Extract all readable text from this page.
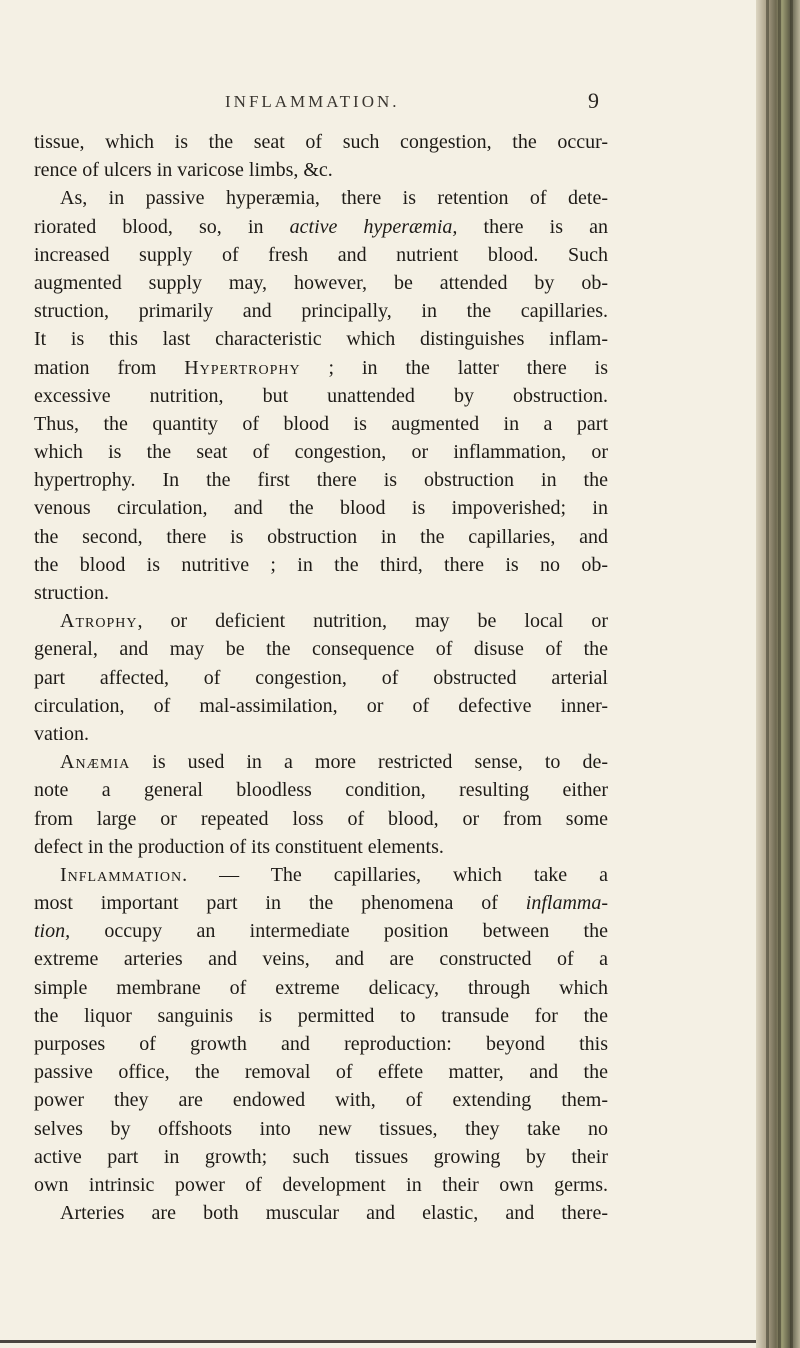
INFLAMMATION.	9
tissue, which is the seat of such congestion, the occur-
rence of ulcers in varicose limbs, &c.
As, in passive hyperæmia, there is retention of dete-
riorated blood, so, in active hyperæmia, there is an
increased supply of fresh and nutrient blood. Such
augmented supply may, however, be attended by ob-
struction, primarily and principally, in the capillaries.
It is this last characteristic which distinguishes inflam-
mation from Hypertrophy ; in the latter there is
excessive nutrition, but unattended by obstruction.
Thus, the quantity of blood is augmented in a part
which is the seat of congestion, or inflammation, or
hypertrophy. In the first there is obstruction in the
venous circulation, and the blood is impoverished; in
the second, there is obstruction in the capillaries, and
the blood is nutritive ; in the third, there is no ob-
struction.
Atrophy, or deficient nutrition, may be local or
general, and may be the consequence of disuse of the
part affected, of congestion, of obstructed arterial
circulation, of mal-assimilation, or of defective inner-
vation.
Anæmia is used in a more restricted sense, to de-
note a general bloodless condition, resulting either
from large or repeated loss of blood, or from some
defect in the production of its constituent elements.
Inflammation. — The capillaries, which take a
most important part in the phenomena of inflamma-
tion, occupy an intermediate position between the
extreme arteries and veins, and are constructed of a
simple membrane of extreme delicacy, through which
the liquor sanguinis is permitted to transude for the
purposes of growth and reproduction: beyond this
passive office, the removal of effete matter, and the
power they are endowed with, of extending them-
selves by offshoots into new tissues, they take no
active part in growth; such tissues growing by their
own intrinsic power of development in their own germs.
Arteries are both muscular and elastic, and there-
